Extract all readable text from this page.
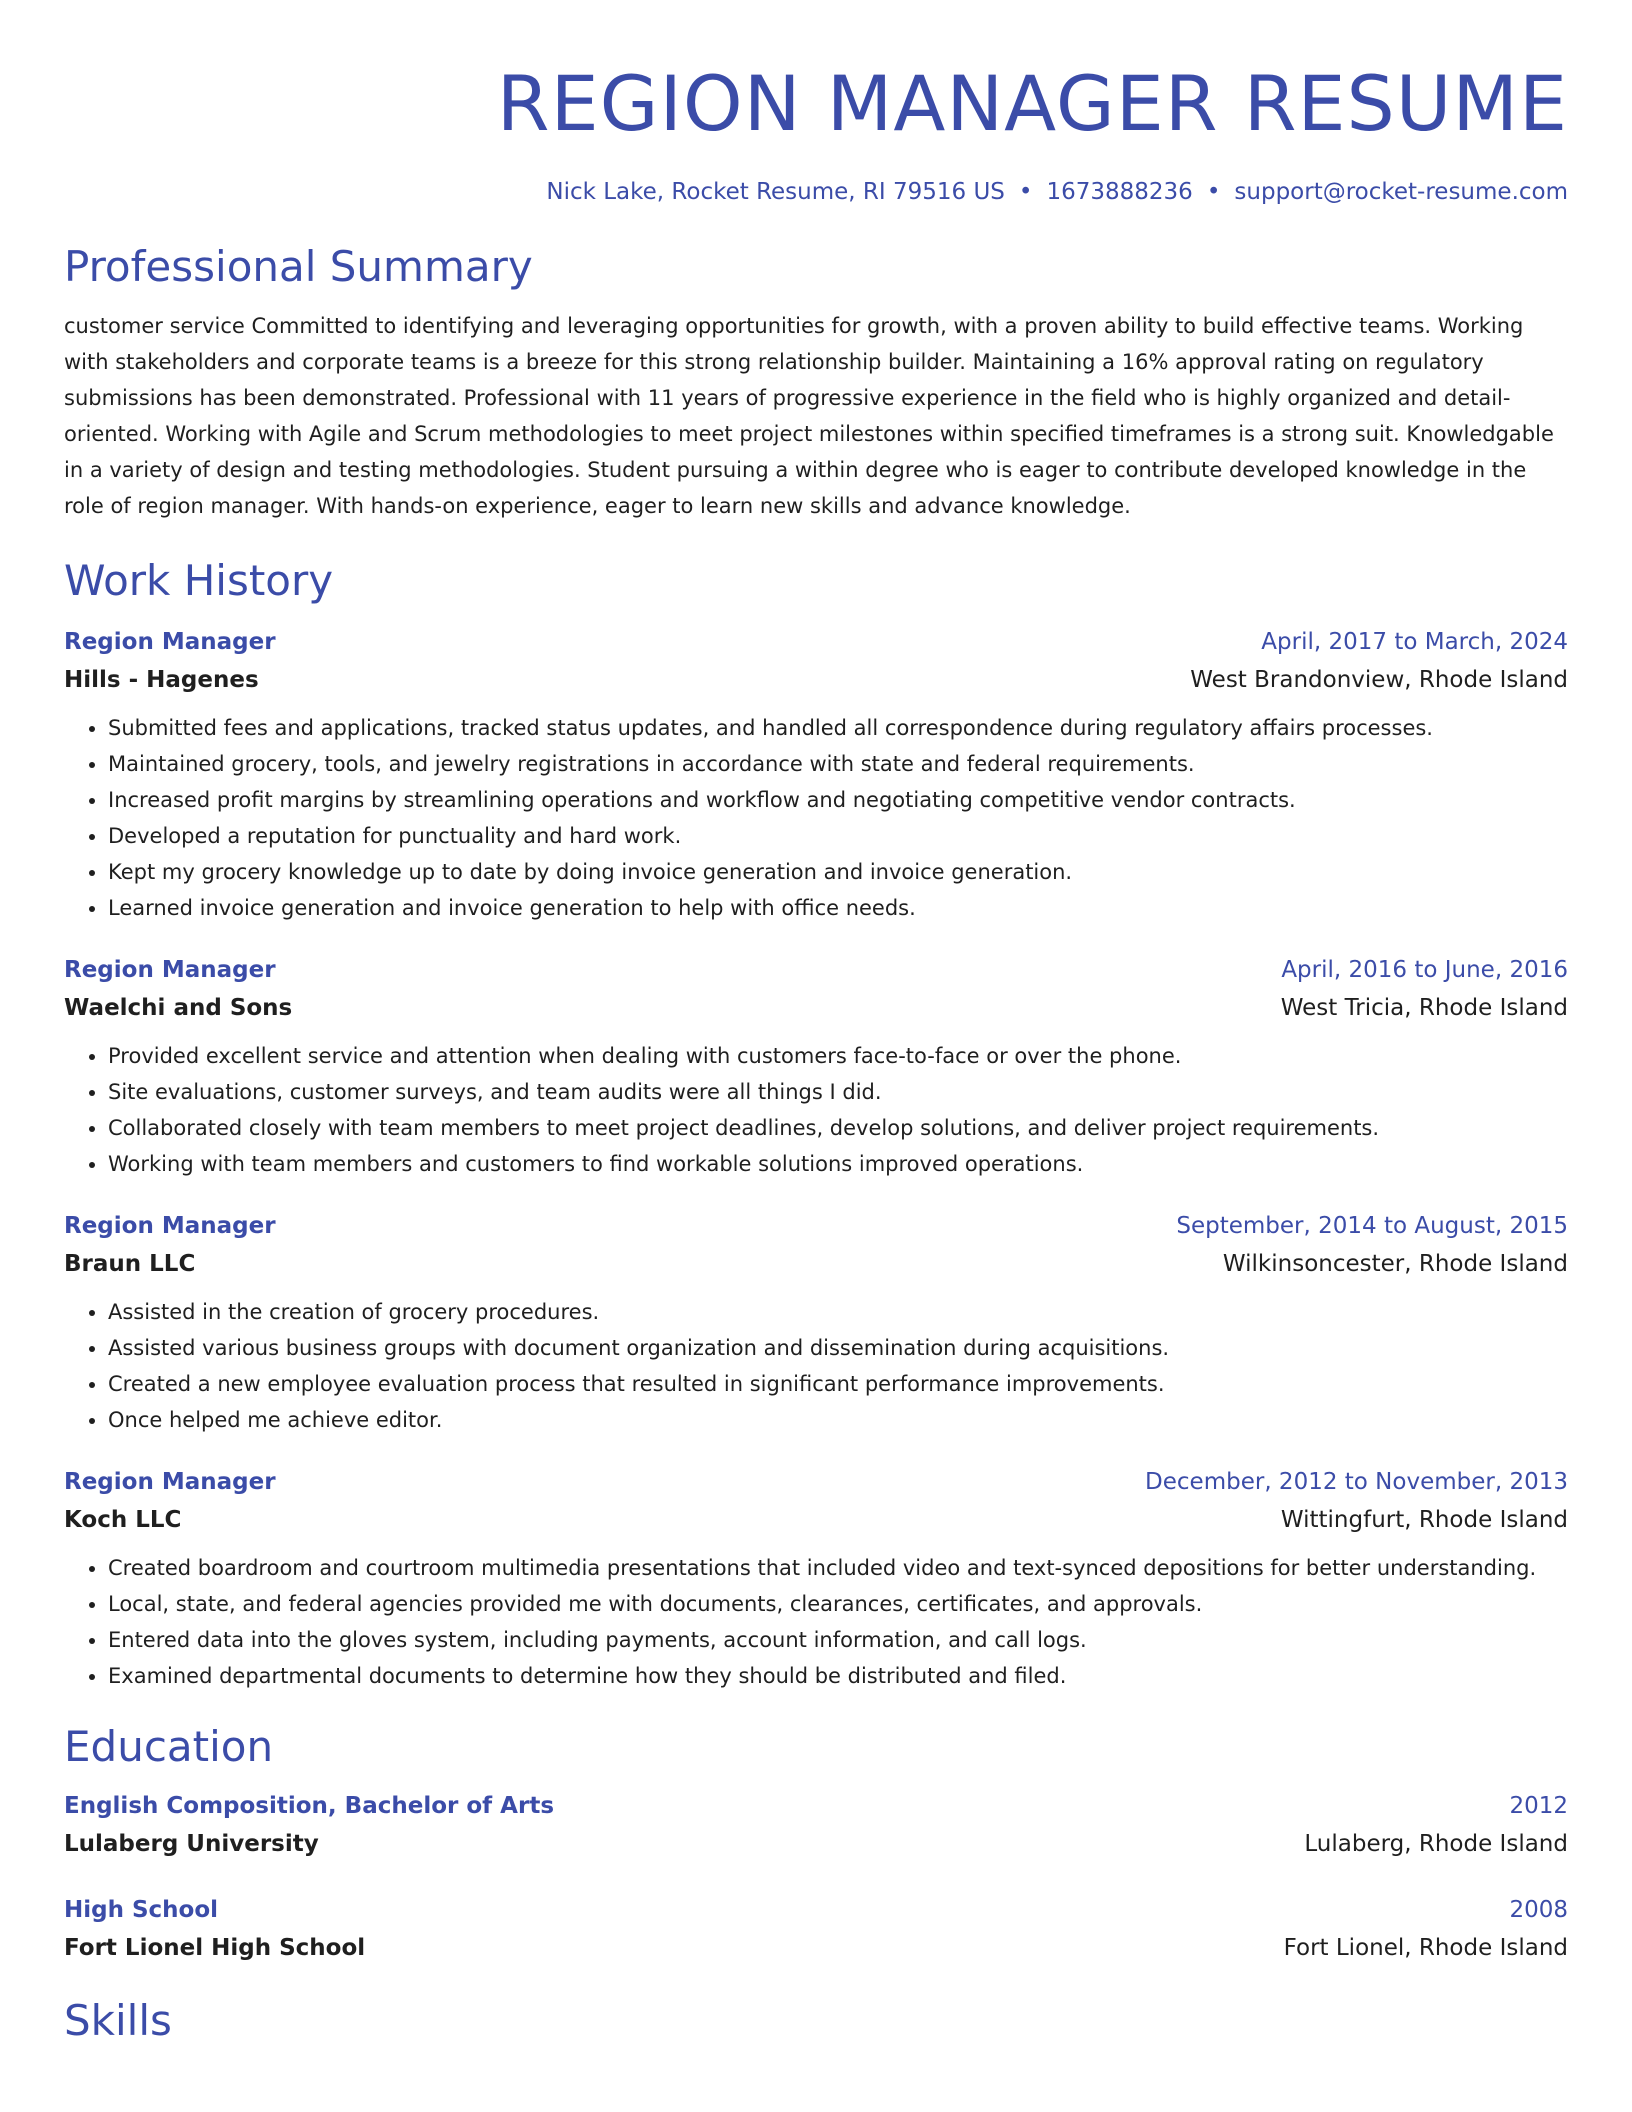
REGION MANAGER RESUME
Nick Lake, Rocket Resume, RI 79516 US • 1673888236 • support@rocket-resume.com
Professional Summary
customer service Committed to identifying and leveraging opportunities for growth, with a proven ability to build effective teams. Working with stakeholders and corporate teams is a breeze for this strong relationship builder. Maintaining a 16% approval rating on regulatory submissions has been demonstrated. Professional with 11 years of progressive experience in the field who is highly organized and detail-oriented. Working with Agile and Scrum methodologies to meet project milestones within specified timeframes is a strong suit. Knowledgable in a variety of design and testing methodologies. Student pursuing a within degree who is eager to contribute developed knowledge in the role of region manager. With hands-on experience, eager to learn new skills and advance knowledge.
Work History
Region Manager	April, 2017 to March, 2024
Hills - Hagenes	West Brandonview, Rhode Island
• Submitted fees and applications, tracked status updates, and handled all correspondence during regulatory affairs processes.
• Maintained grocery, tools, and jewelry registrations in accordance with state and federal requirements.
• Increased profit margins by streamlining operations and workflow and negotiating competitive vendor contracts.
• Developed a reputation for punctuality and hard work.
• Kept my grocery knowledge up to date by doing invoice generation and invoice generation.
• Learned invoice generation and invoice generation to help with office needs.
Region Manager	April, 2016 to June, 2016
Waelchi and Sons	West Tricia, Rhode Island
• Provided excellent service and attention when dealing with customers face-to-face or over the phone.
• Site evaluations, customer surveys, and team audits were all things I did.
• Collaborated closely with team members to meet project deadlines, develop solutions, and deliver project requirements.
• Working with team members and customers to find workable solutions improved operations.
Region Manager	September, 2014 to August, 2015
Braun LLC	Wilkinsoncester, Rhode Island
• Assisted in the creation of grocery procedures.
• Assisted various business groups with document organization and dissemination during acquisitions.
• Created a new employee evaluation process that resulted in significant performance improvements.
• Once helped me achieve editor.
Region Manager	December, 2012 to November, 2013
Koch LLC	Wittingfurt, Rhode Island
• Created boardroom and courtroom multimedia presentations that included video and text-synced depositions for better understanding.
• Local, state, and federal agencies provided me with documents, clearances, certificates, and approvals.
• Entered data into the gloves system, including payments, account information, and call logs.
• Examined departmental documents to determine how they should be distributed and filed.
Education
English Composition, Bachelor of Arts	2012
Lulaberg University	Lulaberg, Rhode Island
High School	2008
Fort Lionel High School	Fort Lionel, Rhode Island
Skills
